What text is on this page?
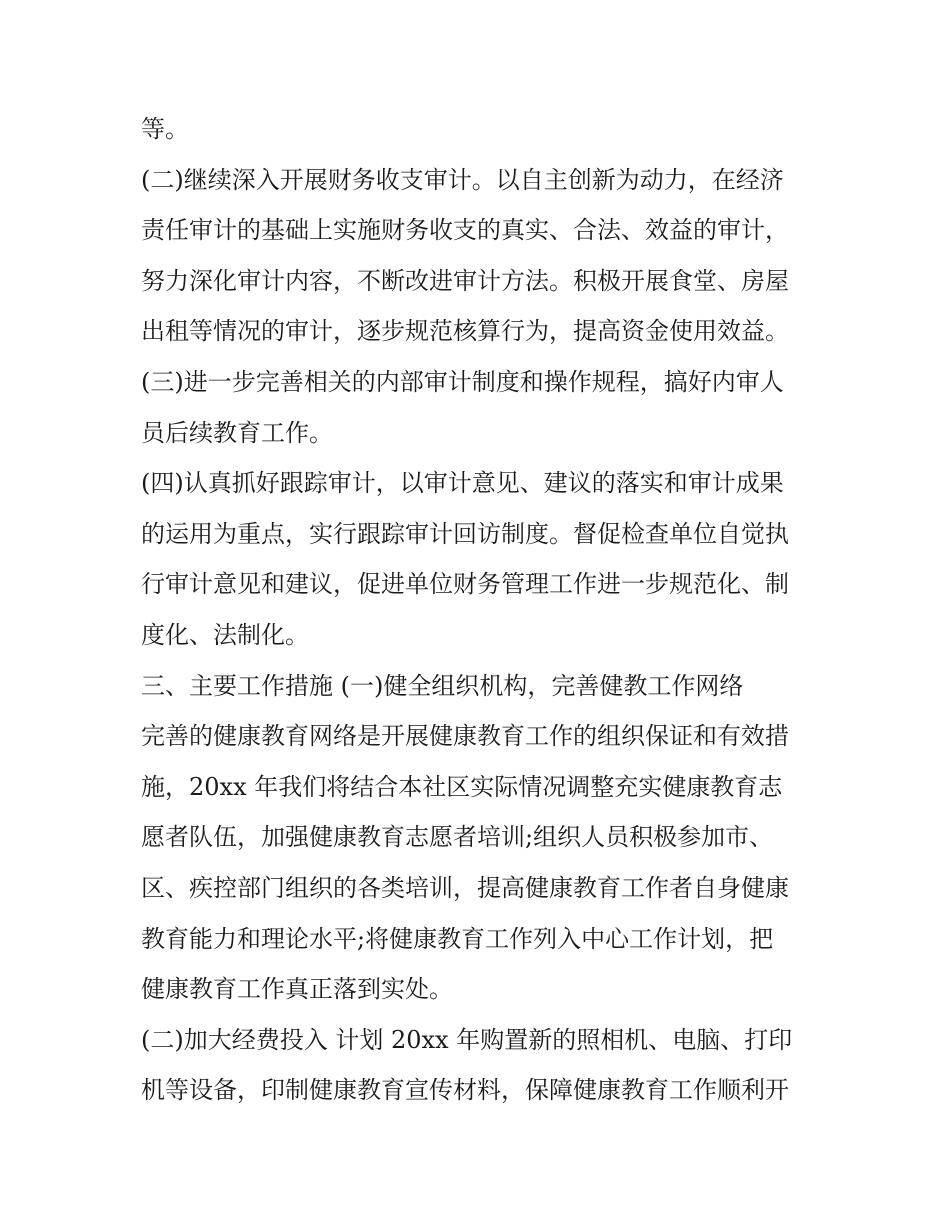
等。
(二)继续深入开展财务收支审计。以自主创新为动力，在经济
责任审计的基础上实施财务收支的真实、合法、效益的审计，
努力深化审计内容，不断改进审计方法。积极开展食堂、房屋
出租等情况的审计，逐步规范核算行为，提高资金使用效益。
(三)进一步完善相关的内部审计制度和操作规程，搞好内审人
员后续教育工作。
(四)认真抓好跟踪审计，以审计意见、建议的落实和审计成果
的运用为重点，实行跟踪审计回访制度。督促检查单位自觉执
行审计意见和建议，促进单位财务管理工作进一步规范化、制
度化、法制化。
三、主要工作措施 (一)健全组织机构，完善健教工作网络
完善的健康教育网络是开展健康教育工作的组织保证和有效措
施，20xx 年我们将结合本社区实际情况调整充实健康教育志
愿者队伍，加强健康教育志愿者培训;组织人员积极参加市、
区、疾控部门组织的各类培训，提高健康教育工作者自身健康
教育能力和理论水平;将健康教育工作列入中心工作计划，把
健康教育工作真正落到实处。
(二)加大经费投入 计划 20xx 年购置新的照相机、电脑、打印
机等设备，印制健康教育宣传材料，保障健康教育工作顺利开
